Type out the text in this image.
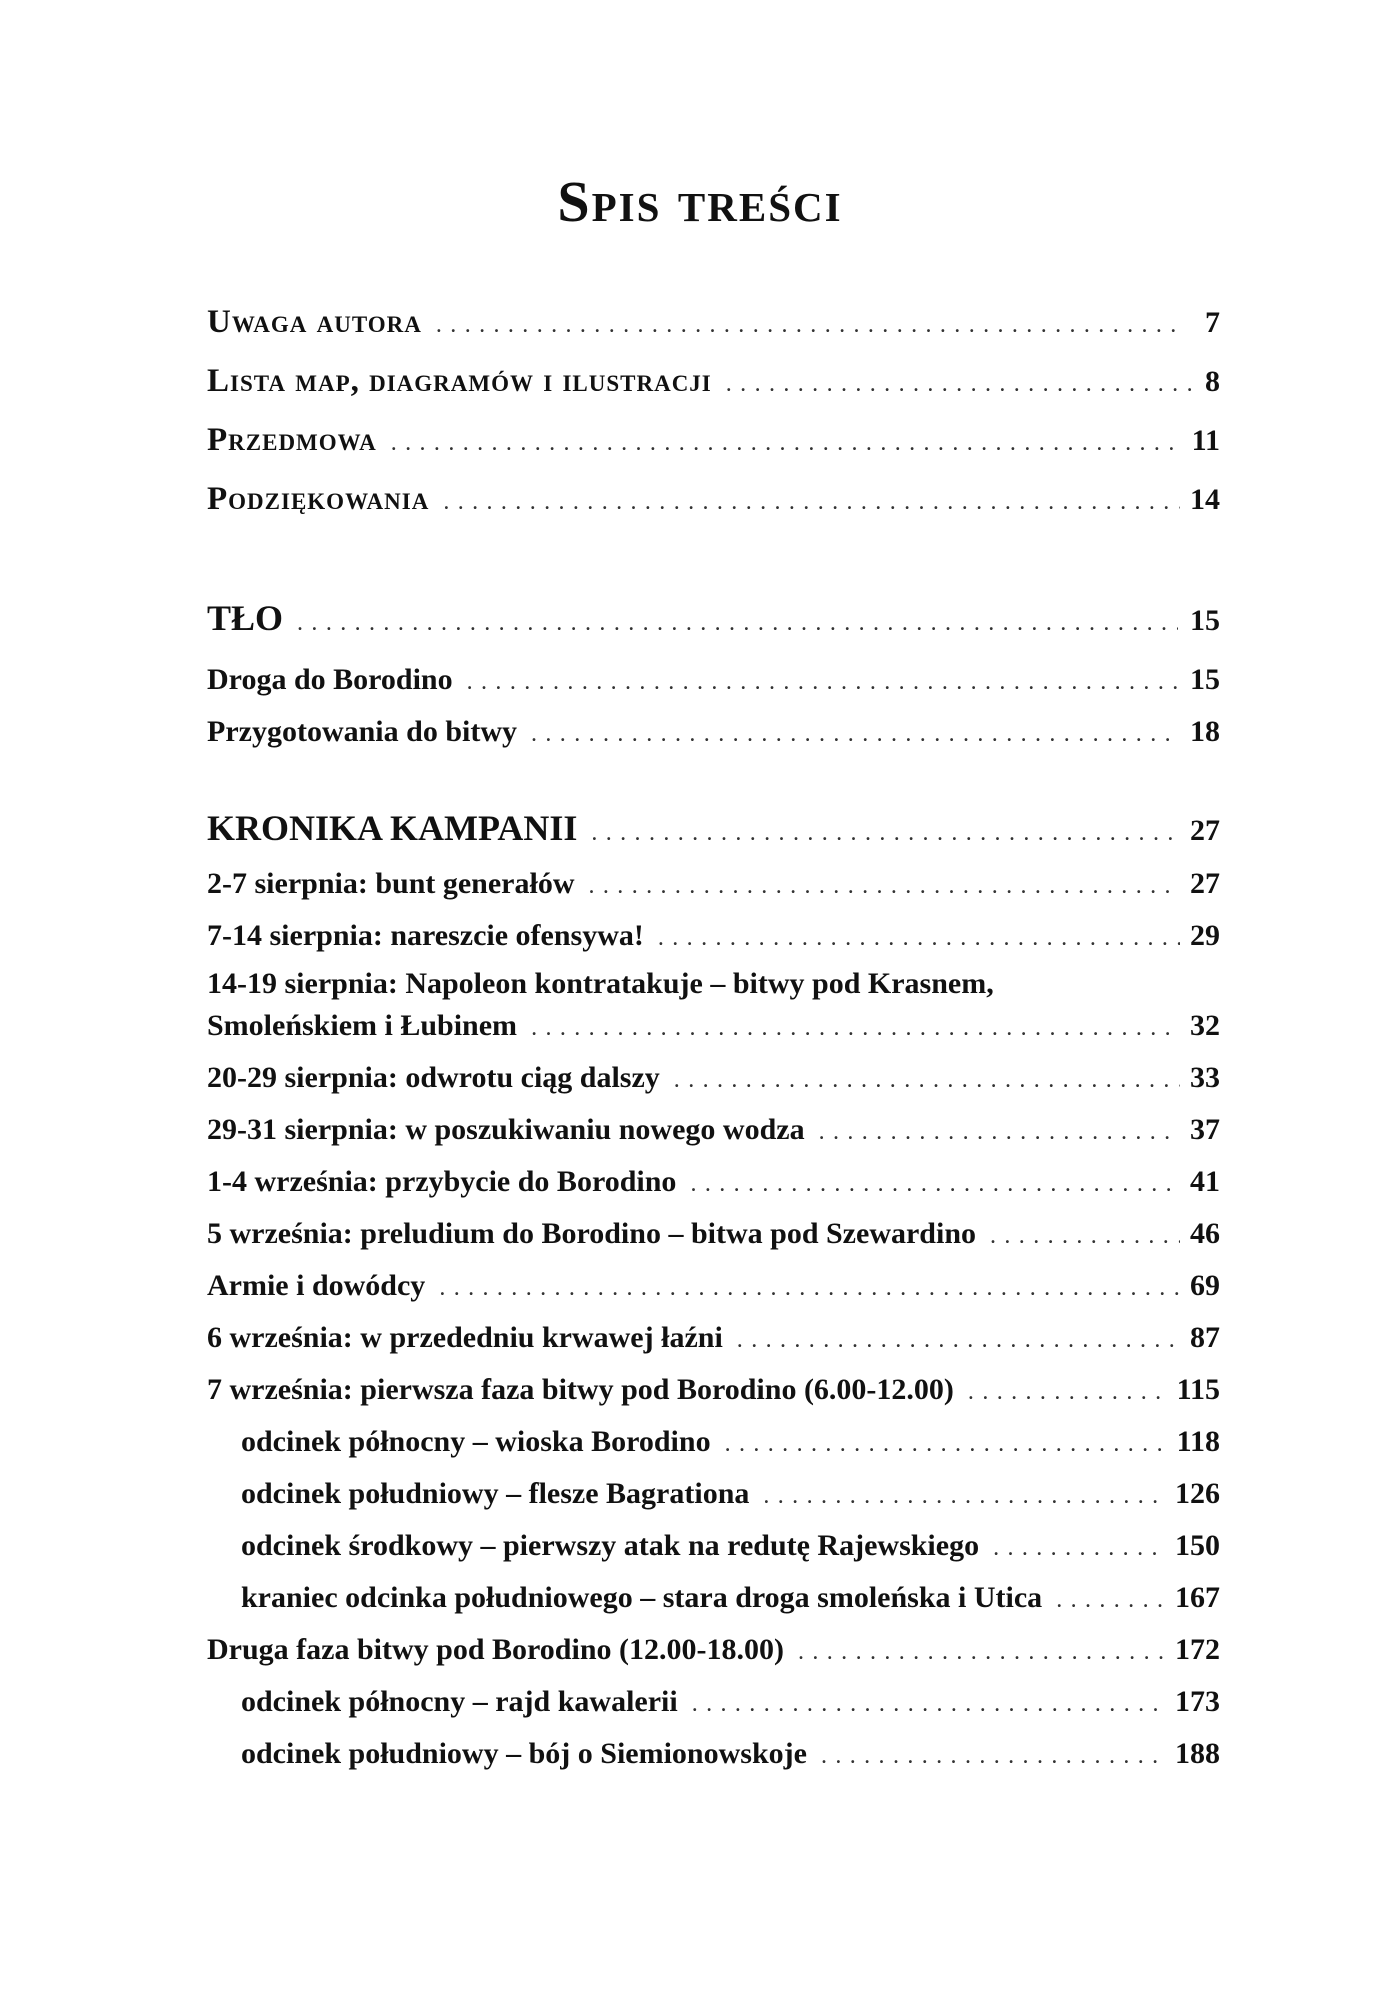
Spis treści
Uwaga autora .....	7
Lista map, diagramów i ilustracji .....	8
Przedmowa .....	11
Podziękowania .....	14
TŁO .....	15
Droga do Borodino .....	15
Przygotowania do bitwy .....	18
KRONIKA KAMPANII .....	27
2-7 sierpnia: bunt generałów .....	27
7-14 sierpnia: nareszcie ofensywa! .....	29
14-19 sierpnia: Napoleon kontratakuje – bitwy pod Krasnem,
Smoleńskiem i Łubinem .....	32
20-29 sierpnia: odwrotu ciąg dalszy .....	33
29-31 sierpnia: w poszukiwaniu nowego wodza .....	37
1-4 września: przybycie do Borodino .....	41
5 września: preludium do Borodino – bitwa pod Szewardino .....	46
Armie i dowódcy .....	69
6 września: w przededniu krwawej łaźni .....	87
7 września: pierwsza faza bitwy pod Borodino (6.00-12.00) .....	115
odcinek północny – wioska Borodino .....	118
odcinek południowy – flesze Bagrationa .....	126
odcinek środkowy – pierwszy atak na redutę Rajewskiego .....	150
kraniec odcinka południowego – stara droga smoleńska i Utica .....	167
Druga faza bitwy pod Borodino (12.00-18.00) .....	172
odcinek północny – rajd kawalerii .....	173
odcinek południowy – bój o Siemionowskoje .....	188
